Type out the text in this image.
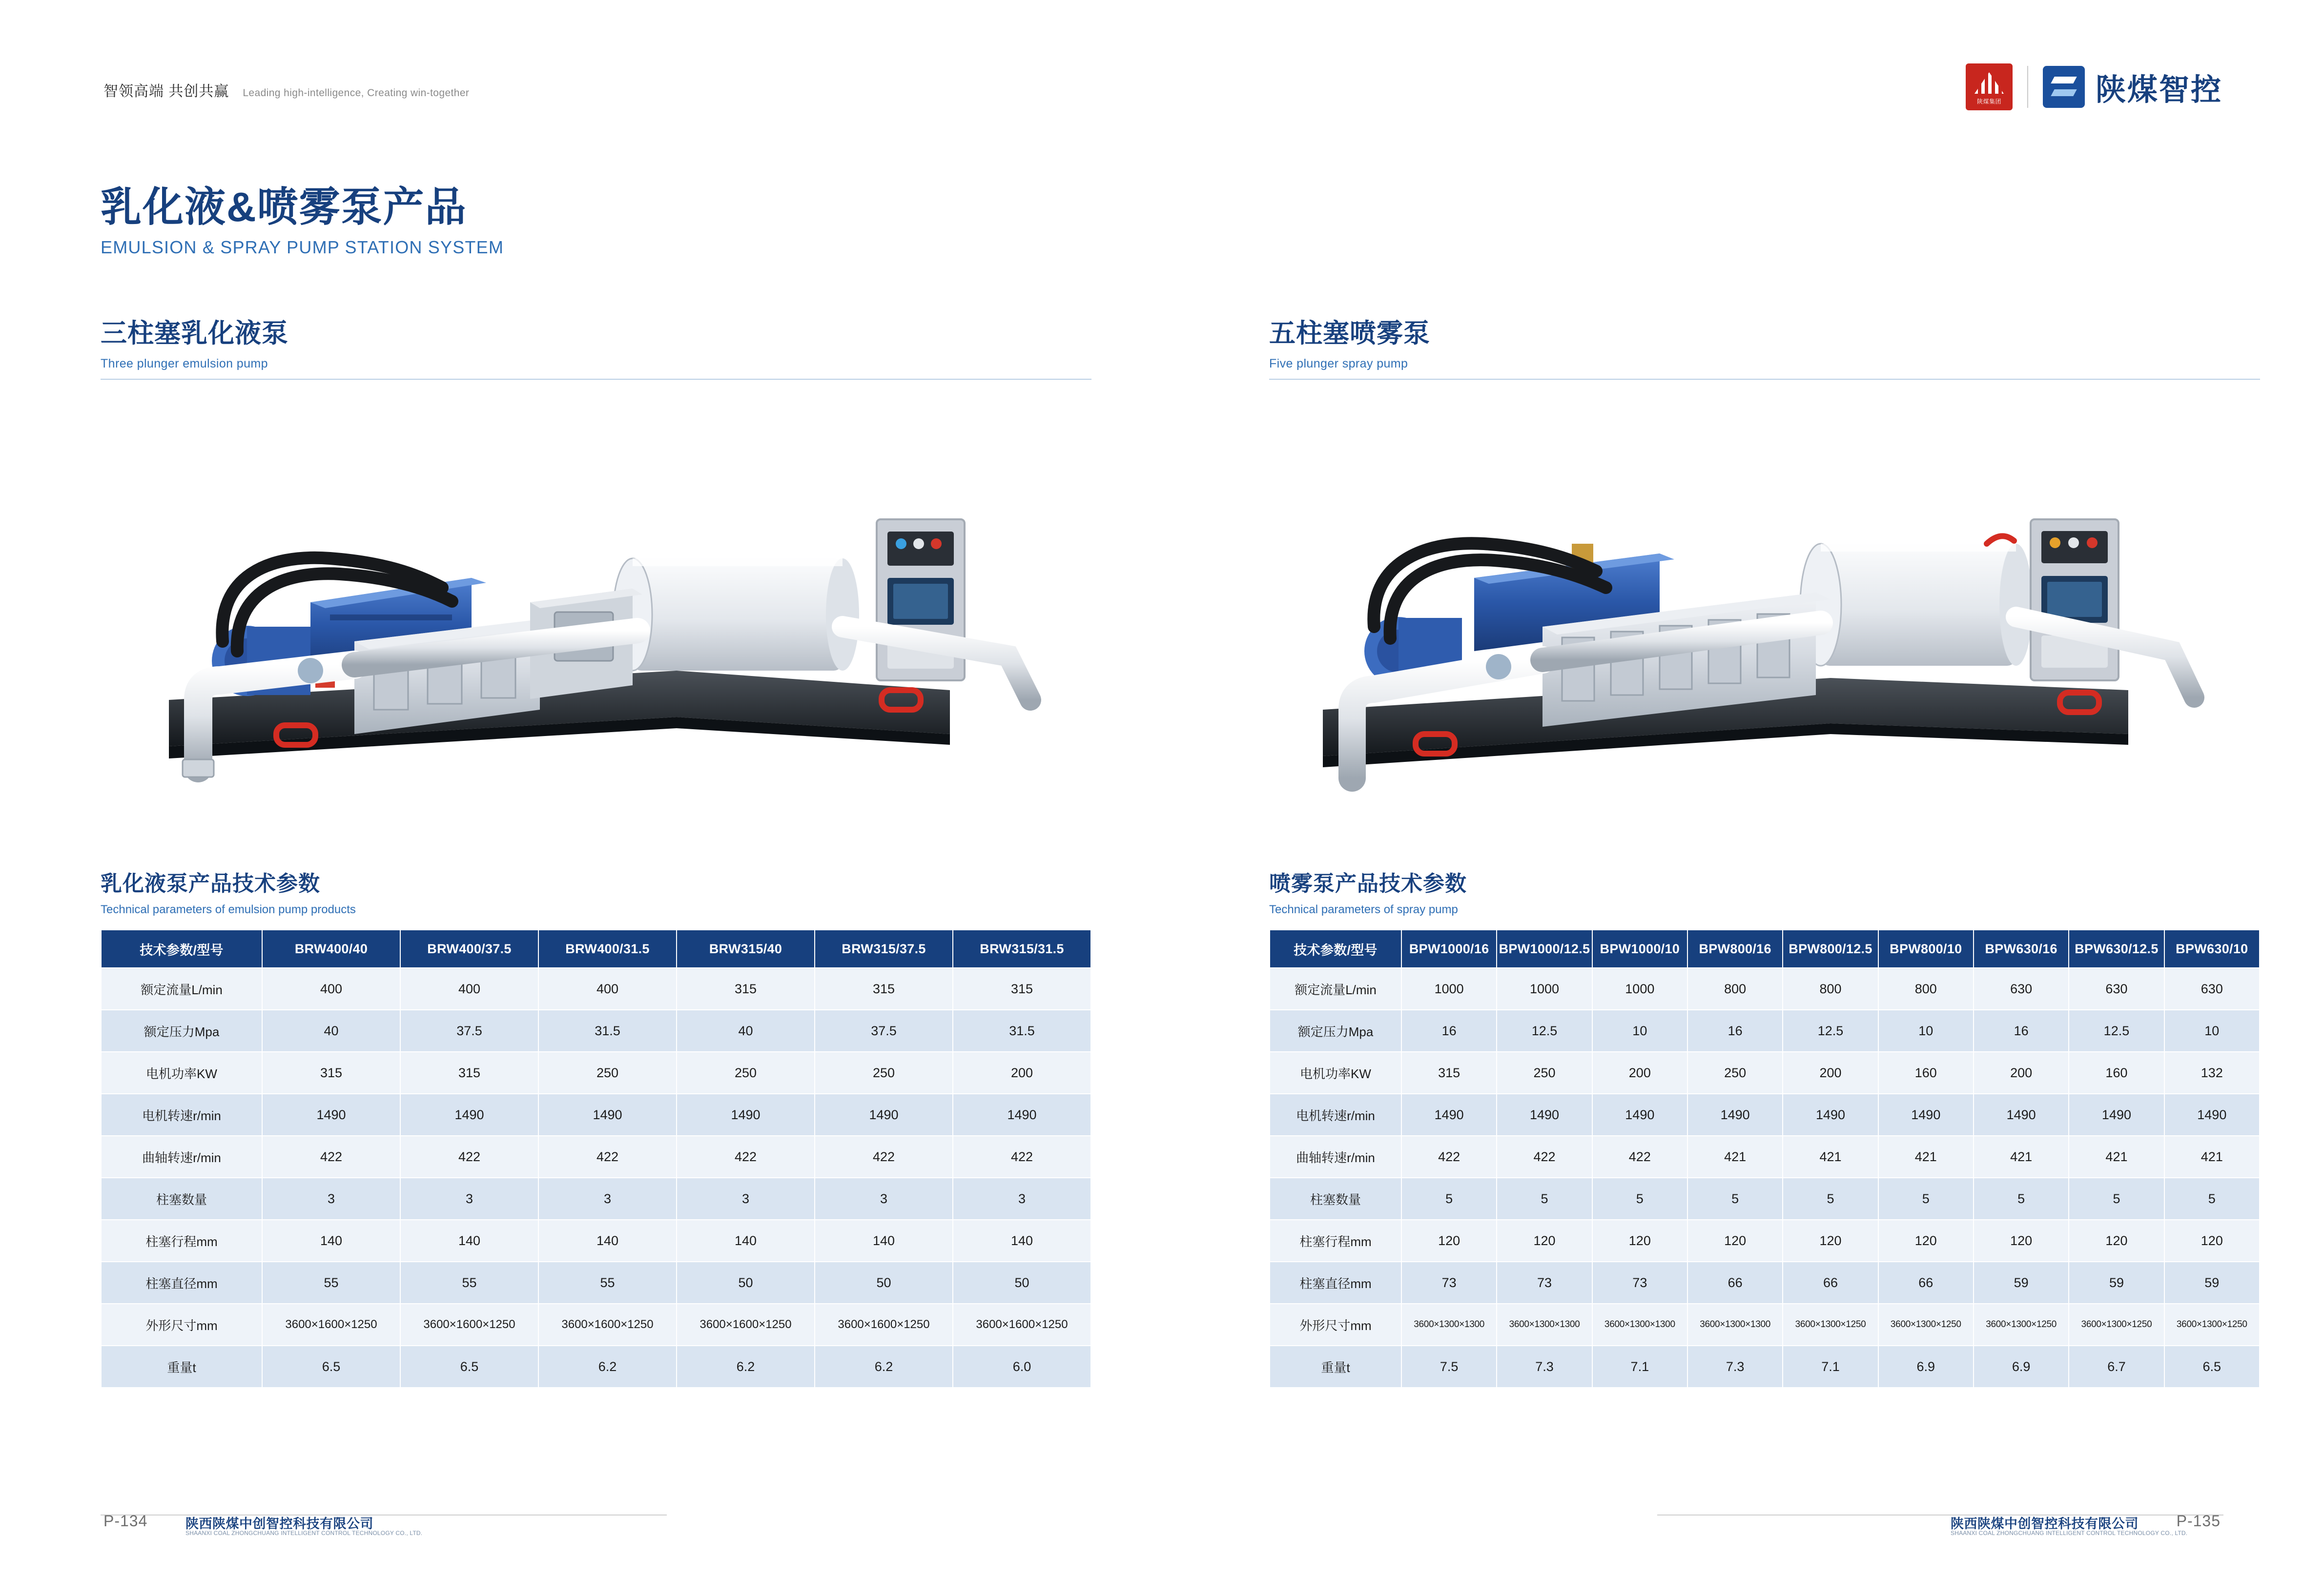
智领高端 共创共赢 Leading high-intelligence, Creating win-together
陕煤集团	陕煤智控
乳化液&喷雾泵产品
EMULSION & SPRAY PUMP STATION SYSTEM
三柱塞乳化液泵
Three plunger emulsion pump
乳化液泵产品技术参数
Technical parameters of emulsion pump products
技术参数/型号	BRW400/40	BRW400/37.5	BRW400/31.5	BRW315/40	BRW315/37.5	BRW315/31.5
额定流量L/min	400	400	400	315	315	315
额定压力Mpa	40	37.5	31.5	40	37.5	31.5
电机功率KW	315	315	250	250	250	200
电机转速r/min	1490	1490	1490	1490	1490	1490
曲轴转速r/min	422	422	422	422	422	422
柱塞数量	3	3	3	3	3	3
柱塞行程mm	140	140	140	140	140	140
柱塞直径mm	55	55	55	50	50	50
外形尺寸mm	3600×1600×1250	3600×1600×1250	3600×1600×1250	3600×1600×1250	3600×1600×1250	3600×1600×1250
重量t	6.5	6.5	6.2	6.2	6.2	6.0
五柱塞喷雾泵
Five plunger spray pump
喷雾泵产品技术参数
Technical parameters of spray pump
技术参数/型号	BPW1000/16	BPW1000/12.5	BPW1000/10	BPW800/16	BPW800/12.5	BPW800/10	BPW630/16	BPW630/12.5	BPW630/10
额定流量L/min	1000	1000	1000	800	800	800	630	630	630
额定压力Mpa	16	12.5	10	16	12.5	10	16	12.5	10
电机功率KW	315	250	200	250	200	160	200	160	132
电机转速r/min	1490	1490	1490	1490	1490	1490	1490	1490	1490
曲轴转速r/min	422	422	422	421	421	421	421	421	421
柱塞数量	5	5	5	5	5	5	5	5	5
柱塞行程mm	120	120	120	120	120	120	120	120	120
柱塞直径mm	73	73	73	66	66	66	59	59	59
外形尺寸mm	3600×1300×1300	3600×1300×1300	3600×1300×1300	3600×1300×1300	3600×1300×1250	3600×1300×1250	3600×1300×1250	3600×1300×1250	3600×1300×1250
重量t	7.5	7.3	7.1	7.3	7.1	6.9	6.9	6.7	6.5
P-134	P-135
陕西陕煤中创智控科技有限公司
SHAANXI COAL ZHONGCHUANG INTELLIGENT CONTROL TECHNOLOGY CO., LTD.
陕西陕煤中创智控科技有限公司
SHAANXI COAL ZHONGCHUANG INTELLIGENT CONTROL TECHNOLOGY CO., LTD.
